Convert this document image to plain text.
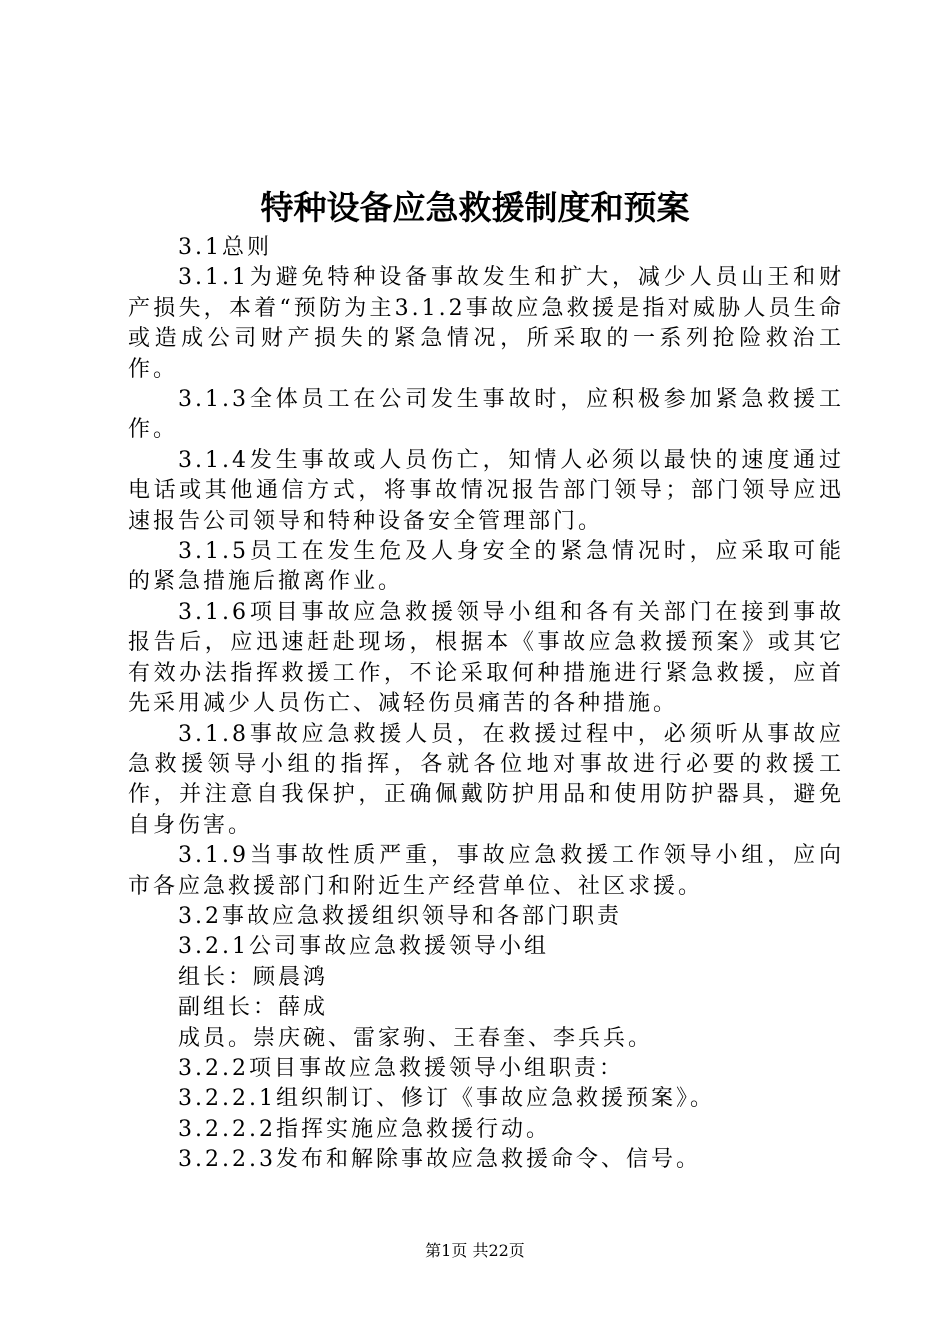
特种设备应急救援制度和预案

3.1总则

3.1.1为避免特种设备事故发生和扩大，减少人员山王和财产损失，本着“预防为主3.1.2事故应急救援是指对威胁人员生命或造成公司财产损失的紧急情况，所采取的一系列抢险救治工作。

3.1.3全体员工在公司发生事故时，应积极参加紧急救援工作。

3.1.4发生事故或人员伤亡，知情人必须以最快的速度通过电话或其他通信方式，将事故情况报告部门领导；部门领导应迅速报告公司领导和特种设备安全管理部门。

3.1.5员工在发生危及人身安全的紧急情况时，应采取可能的紧急措施后撤离作业。

3.1.6项目事故应急救援领导小组和各有关部门在接到事故报告后，应迅速赶赴现场，根据本《事故应急救援预案》或其它有效办法指挥救援工作，不论采取何种措施进行紧急救援，应首先采用减少人员伤亡、减轻伤员痛苦的各种措施。

3.1.8事故应急救援人员，在救援过程中，必须听从事故应急救援领导小组的指挥，各就各位地对事故进行必要的救援工作，并注意自我保护，正确佩戴防护用品和使用防护器具，避免自身伤害。

3.1.9当事故性质严重，事故应急救援工作领导小组，应向市各应急救援部门和附近生产经营单位、社区求援。

3.2事故应急救援组织领导和各部门职责

3.2.1公司事故应急救援领导小组

组长：顾晨鸿

副组长：薛成

成员。崇庆碗、雷家驹、王春奎、李兵兵。

3.2.2项目事故应急救援领导小组职责：

3.2.2.1组织制订、修订《事故应急救援预案》。

3.2.2.2指挥实施应急救援行动。

3.2.2.3发布和解除事故应急救援命令、信号。

第1页 共22页
